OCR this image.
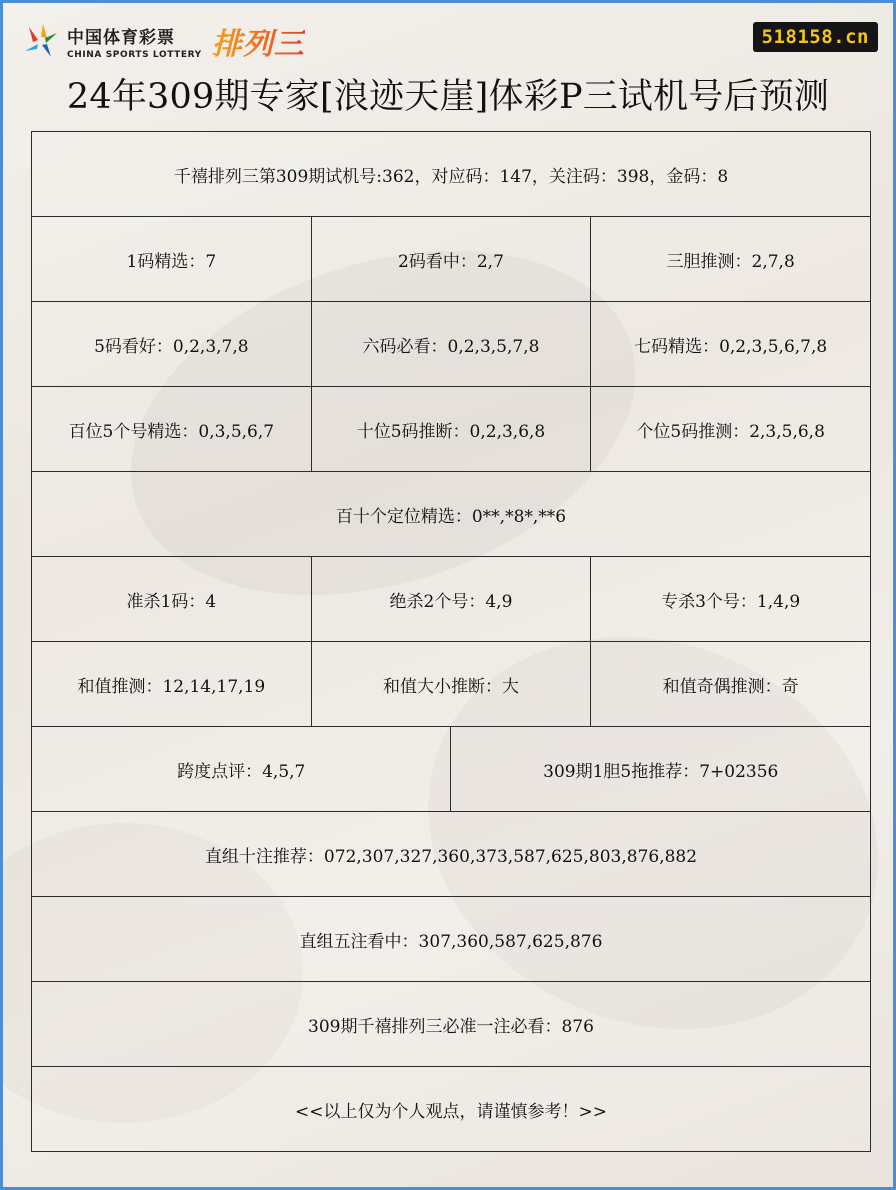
中国体育彩票
CHINA SPORTS LOTTERY 排列三	518158.cn
24年309期专家[浪迹天崖]体彩P三试机号后预测
千禧排列三第309期试机号:362，对应码：147，关注码：398，金码：8			
1码精选：7	2码看中：2,7		三胆推测：2,7,8
5码看好：0,2,3,7,8	六码必看：0,2,3,5,7,8		七码精选：0,2,3,5,6,7,8
百位5个号精选：0,3,5,6,7	十位5码推断：0,2,3,6,8		个位5码推测：2,3,5,6,8
百十个定位精选：0**,*8*,**6			
准杀1码：4	绝杀2个号：4,9		专杀3个号：1,4,9
和值推测：12,14,17,19	和值大小推断：大		和值奇偶推测：奇
跨度点评：4,5,7		309期1胆5拖推荐：7+02356	
直组十注推荐：072,307,327,360,373,587,625,803,876,882			
直组五注看中：307,360,587,625,876			
309期千禧排列三必准一注必看：876			
<<以上仅为个人观点，请谨慎参考！>>			
